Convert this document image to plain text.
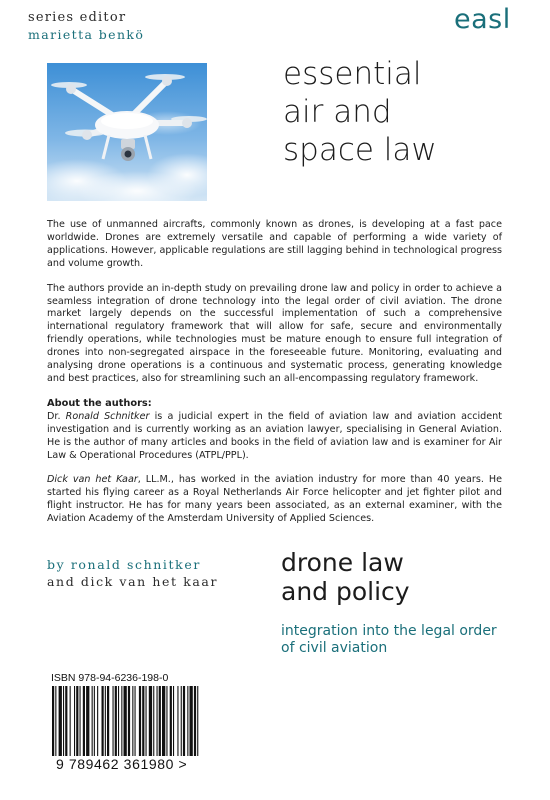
series editor
marietta benkö	easl
essential
air and
space law

The use of unmanned aircrafts, commonly known as drones, is developing at a fast pace worldwide. Drones are extremely versatile and capable of performing a wide variety of applications. However, applicable regulations are still lagging behind in technological progress and volume growth.

The authors provide an in-depth study on prevailing drone law and policy in order to achieve a seamless integration of drone technology into the legal order of civil aviation. The drone market largely depends on the successful implementation of such a comprehensive international regulatory framework that will allow for safe, secure and environmentally friendly operations, while technologies must be mature enough to ensure full integration of drones into non-segregated airspace in the foreseeable future. Monitoring, evaluating and analysing drone operations is a continuous and systematic process, generating knowledge and best practices, also for streamlining such an all-encompassing regulatory framework.

About the authors:

Dr. Ronald Schnitker is a judicial expert in the field of aviation law and aviation accident investigation and is currently working as an aviation lawyer, specialising in General Aviation. He is the author of many articles and books in the field of aviation law and is examiner for Air Law & Operational Procedures (ATPL/PPL).

Dick van het Kaar, LL.M., has worked in the aviation industry for more than 40 years. He started his flying career as a Royal Netherlands Air Force helicopter and jet fighter pilot and flight instructor. He has for many years been associated, as an external examiner, with the Aviation Academy of the Amsterdam University of Applied Sciences.

by ronald schnitker
and dick van het kaar
drone law
and policy
integration into the legal order
of civil aviation
ISBN 978-94-6236-198-0
9 789462 361980 >
